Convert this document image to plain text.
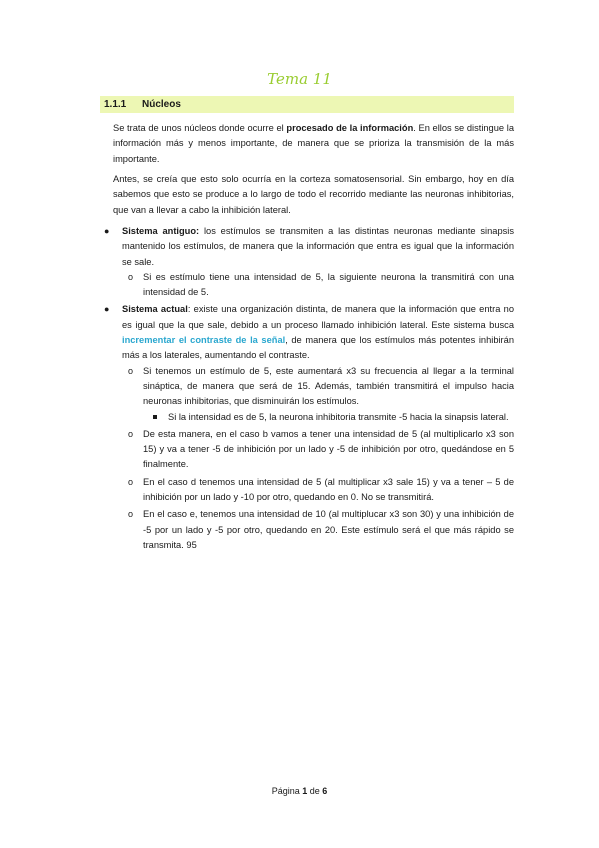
Tema 11
1.1.1 Núcleos
Se trata de unos núcleos donde ocurre el procesado de la información. En ellos se distingue la información más y menos importante, de manera que se prioriza la transmisión de la más importante.
Antes, se creía que esto solo ocurría en la corteza somatosensorial. Sin embargo, hoy en día sabemos que esto se produce a lo largo de todo el recorrido mediante las neuronas inhibitorias, que van a llevar a cabo la inhibición lateral.
● Sistema antiguo: los estímulos se transmiten a las distintas neuronas mediante sinapsis mantenido los estímulos, de manera que la información que entra es igual que la información se sale.
o Si es estímulo tiene una intensidad de 5, la siguiente neurona la transmitirá con una intensidad de 5.
● Sistema actual: existe una organización distinta, de manera que la información que entra no es igual que la que sale, debido a un proceso llamado inhibición lateral. Este sistema busca incrementar el contraste de la señal, de manera que los estímulos más potentes inhibirán más a los laterales, aumentando el contraste.
o Si tenemos un estímulo de 5, este aumentará x3 su frecuencia al llegar a la terminal sináptica, de manera que será de 15. Además, también transmitirá el impulso hacia neuronas inhibitorias, que disminuirán los estímulos.
Si la intensidad es de 5, la neurona inhibitoria transmite -5 hacia la sinapsis lateral.
o De esta manera, en el caso b vamos a tener una intensidad de 5 (al multiplicarlo x3 son 15) y va a tener -5 de inhibición por un lado y -5 de inhibición por otro, quedándose en 5 finalmente.
o En el caso d tenemos una intensidad de 5 (al multiplicar x3 sale 15) y va a tener – 5 de inhibición por un lado y -10 por otro, quedando en 0. No se transmitirá.
o En el caso e, tenemos una intensidad de 10 (al multiplucar x3 son 30) y una inhibición de -5 por un lado y -5 por otro, quedando en 20. Este estímulo será el que más rápido se transmita. 95
Página 1 de 6
